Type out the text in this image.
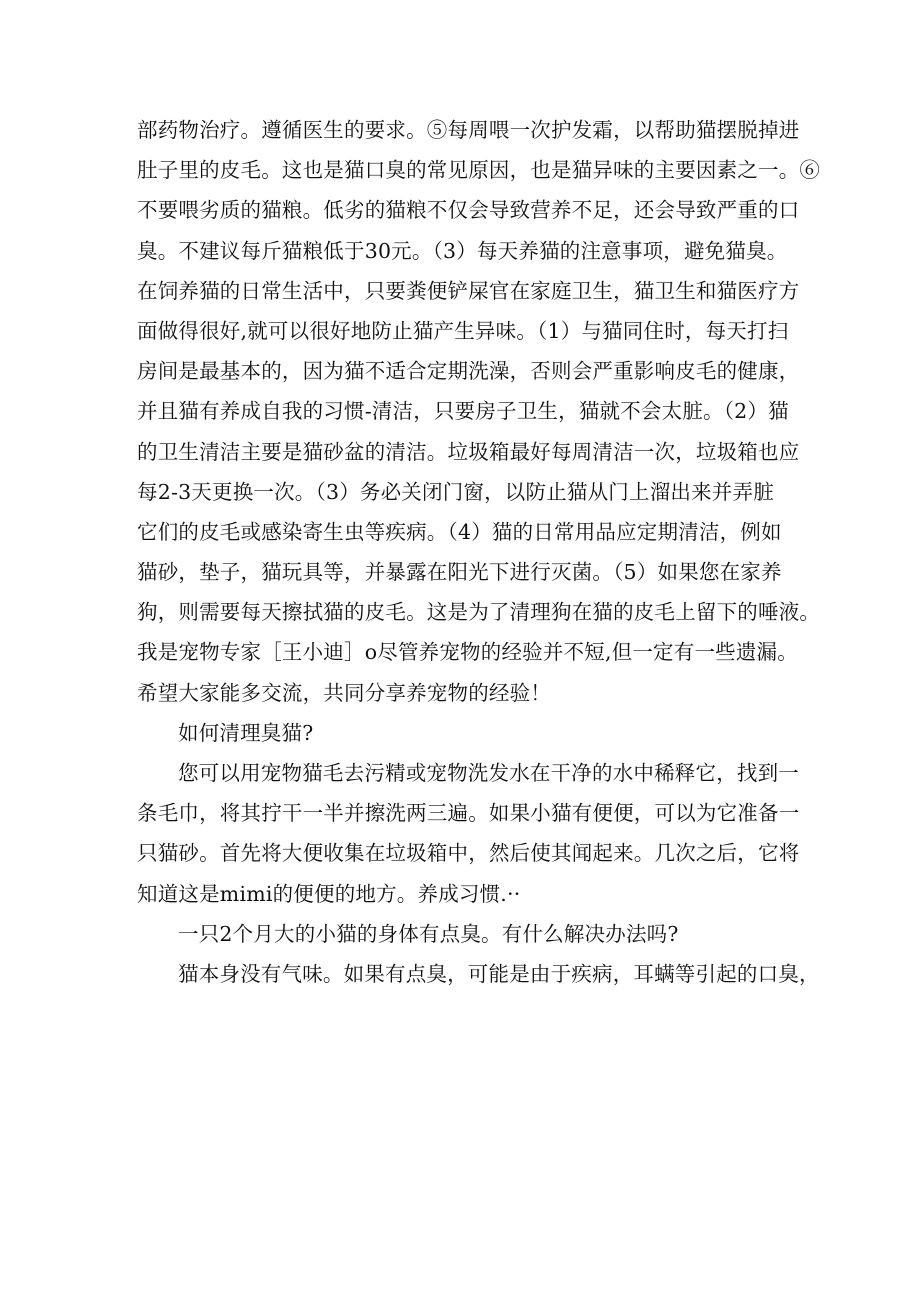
部药物治疗。遵循医生的要求。⑤每周喂一次护发霜，以帮助猫摆脱掉进
肚子里的皮毛。这也是猫口臭的常见原因，也是猫异味的主要因素之一。⑥
不要喂劣质的猫粮。低劣的猫粮不仅会导致营养不足，还会导致严重的口
臭。不建议每斤猫粮低于30元。（3）每天养猫的注意事项，避免猫臭。
在饲养猫的日常生活中，只要粪便铲屎官在家庭卫生，猫卫生和猫医疗方
面做得很好,就可以很好地防止猫产生异味。（1）与猫同住时，每天打扫
房间是最基本的，因为猫不适合定期洗澡，否则会严重影响皮毛的健康，
并且猫有养成自我的习惯-清洁，只要房子卫生，猫就不会太脏。（2）猫
的卫生清洁主要是猫砂盆的清洁。垃圾箱最好每周清洁一次，垃圾箱也应
每2-3天更换一次。（3）务必关闭门窗，以防止猫从门上溜出来并弄脏
它们的皮毛或感染寄生虫等疾病。（4）猫的日常用品应定期清洁，例如
猫砂，垫子，猫玩具等，并暴露在阳光下进行灭菌。（5）如果您在家养
狗，则需要每天擦拭猫的皮毛。这是为了清理狗在猫的皮毛上留下的唾液。
我是宠物专家［王小迪］o尽管养宠物的经验并不短,但一定有一些遗漏。
希望大家能多交流，共同分享养宠物的经验！
如何清理臭猫?
您可以用宠物猫毛去污精或宠物洗发水在干净的水中稀释它，找到一
条毛巾，将其拧干一半并擦洗两三遍。如果小猫有便便，可以为它准备一
只猫砂。首先将大便收集在垃圾箱中，然后使其闻起来。几次之后，它将
知道这是mimi的便便的地方。养成习惯.··
一只2个月大的小猫的身体有点臭。有什么解决办法吗?
猫本身没有气味。如果有点臭，可能是由于疾病，耳螨等引起的口臭，
